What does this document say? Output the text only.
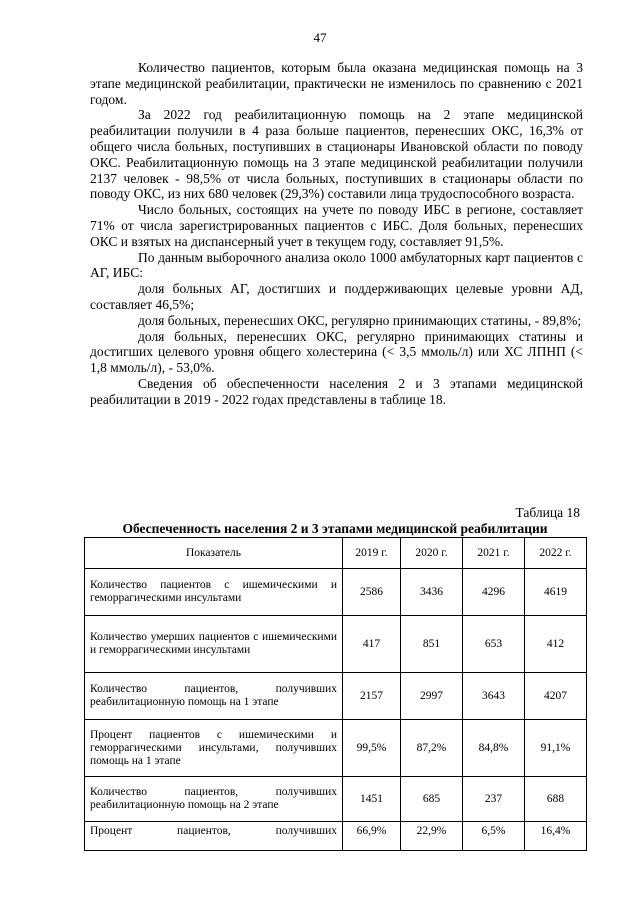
47

Количество пациентов, которым была оказана медицинская помощь на 3 этапе медицинской реабилитации, практически не изменилось по сравнению с 2021 годом.

За 2022 год реабилитационную помощь на 2 этапе медицинской реабилитации получили в 4 раза больше пациентов, перенесших ОКС, 16,3% от общего числа больных, поступивших в стационары Ивановской области по поводу ОКС. Реабилитационную помощь на 3 этапе медицинской реабилитации получили 2137 человек - 98,5% от числа больных, поступивших в стационары области по поводу ОКС, из них 680 человек (29,3%) составили лица трудоспособного возраста.

Число больных, состоящих на учете по поводу ИБС в регионе, составляет 71% от числа зарегистрированных пациентов с ИБС. Доля больных, перенесших ОКС и взятых на диспансерный учет в текущем году, составляет 91,5%.

По данным выборочного анализа около 1000 амбулаторных карт пациентов с АГ, ИБС:

доля больных АГ, достигших и поддерживающих целевые уровни АД, составляет 46,5%;

доля больных, перенесших ОКС, регулярно принимающих статины, - 89,8%;

доля больных, перенесших ОКС, регулярно принимающих статины и достигших целевого уровня общего холестерина (< 3,5 ммоль/л) или ХС ЛПНП (< 1,8 ммоль/л), - 53,0%.

Сведения об обеспеченности населения 2 и 3 этапами медицинской реабилитации в 2019 - 2022 годах представлены в таблице 18.

Таблица 18
Обеспеченность населения 2 и 3 этапами медицинской реабилитации
Показатель	2019 г.	2020 г.	2021 г.	2022 г.
Количество пациентов с ишемическими и геморрагическими инсультами	2586	3436	4296	4619
Количество умерших пациентов с ишемическими и геморрагическими инсультами	417	851	653	412
Количество пациентов, получивших реабилитационную помощь на 1 этапе	2157	2997	3643	4207
Процент пациентов с ишемическими и геморрагическими инсультами, получивших помощь на 1 этапе	99,5%	87,2%	84,8%	91,1%
Количество пациентов, получивших реабилитационную помощь на 2 этапе	1451	685	237	688
Процент пациентов, получивших	66,9%	22,9%	6,5%	16,4%
